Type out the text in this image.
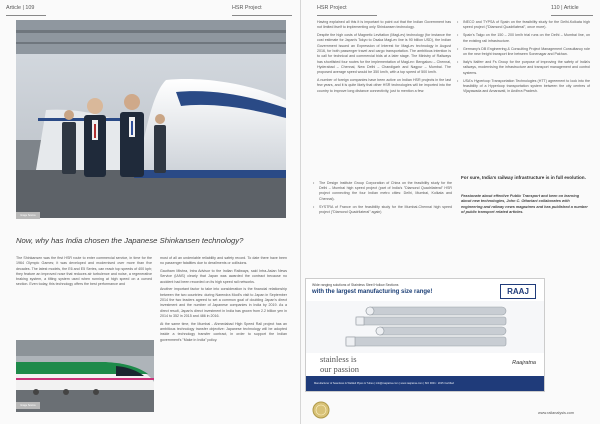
Article | 109	HSR Project
Image Source
Now, why has India chosen the Japanese Shinkansen technology?

The Shinkansen was the first HSR route to enter commercial service, in time for the 1964 Olympic Games; it was developed and modernised over more than five decades. The latest models, the E6 and E5 Series, can reach top speeds of 400 kph; they feature an improved nose that reduces air turbulence and noise, a regenerative braking system, a tilting system used when running at high speed on a curved section. Even today, this technology offers the best performance and

Image Source

most of all an undeniable reliability and safety record. To date there have been no passenger fatalities due to derailments or collisions.

Gautham Mishra, Intra Advisor to the Indian Railways, said Intra-Asian News Service (IANS) clearly that Japan was awarded the contract because no accident had been recorded on its high speed rail networks.

Another important factor to take into consideration is the financial relationship between the two countries: during Narendra Modi's visit to Japan in September 2014 the two leaders agreed to set a common goal of doubling Japan's direct investment and the number of Japanese companies in India by 2019. As a direct result, Japan's direct investment in India has grown from 2.2 billion yen in 2014 to 352 in 2015 and 486 in 2016.

At the same time, the Mumbai - Ahmedabad High Speed Rail project has an ambitious technology transfer objective: Japanese technology will be adopted inside a technology transfer contract, in order to support the Indian government's "Make in India" policy.

HSR Project	110 | Article

Having explained all this it is important to point out that the Indian Government has not limited itself to implementing only Shinkansen technology.

Despite the high costs of Magnetic Levitation (MagLev) technology (for instance the cost estimate for Japan's Tokyo to Osaka MagLev line is 90 billion USD), the Indian Government issued an Expression of Interest for MagLev technology in August 2016, for both passenger travel and cargo transportation. The ambitious intention is to call for technical and commercial bids at a later stage. The Ministry of Railways has shortlisted four routes for the implementation of MagLev: Bengaluru – Chennai, Hyderabad – Chennai, New Delhi – Chandigarh and Nagpur – Mumbai. The proposed average speed would be 350 km/h, with a top speed of 500 km/h.

A number of foreign companies have been active on Indian HSR projects in the last few years, and it is quite likely that other HSR technologies will be imported into the country to improve long distance connectivity, just to mention a few:

• The Design Institute Group Corporation of China on the feasibility study for the Delhi – Mumbai high speed project (part of India's "Diamond Quadrilateral" HSR project connecting the four Indian metro cities: Delhi, Mumbai, Kolkata and Chennai).
• SYSTRA of France on the feasibility study for the Mumbai-Chennai high speed project ("Diamond Quadrilateral" again)
• INECO and TYPSA of Spain on the feasibility study for the Delhi-Kolkata high speed project ("Diamond Quadrilateral", once more).
• Spain's Talgo on the 150 – 200 km/h trial runs on the Delhi – Mumbai line, on the existing rail infrastructure.
• Germany's DB Engineering & Consulting Project Management Consultancy role on the new freight transport line between Sonenagar and Pakhan.
• Italy's Italferr and Fs Group for the purpose of improving the safety of India's railways, modernising the infrastructure and transport management and control systems.
• USA's Hyperloop Transportation Technologies (HTT) agreement to look into the feasibility of a Hyperloop transportation system between the city centres of Vijayawada and Amaravati, in Andhra Pradesh.
For sure, India's railway infrastructure is in full evolution.
Passionate about effective Public Transport and keen on learning about new technologies, John C. Ottaviani collaborates with engineering and railway news magazines and has published a number of public transport related articles.
Wide ranging solutions of Stainless Steel Hollow Sections
with the largest manufacturing size range!	RAAJ
stainless is
our passion
Raajratna
Manufacturer of Seamless & Welded Pipes & Tubes | info@raajratna.com | www.raajratna.com | ISO 9001 : 2015 Certified
www.railanalysis.com
